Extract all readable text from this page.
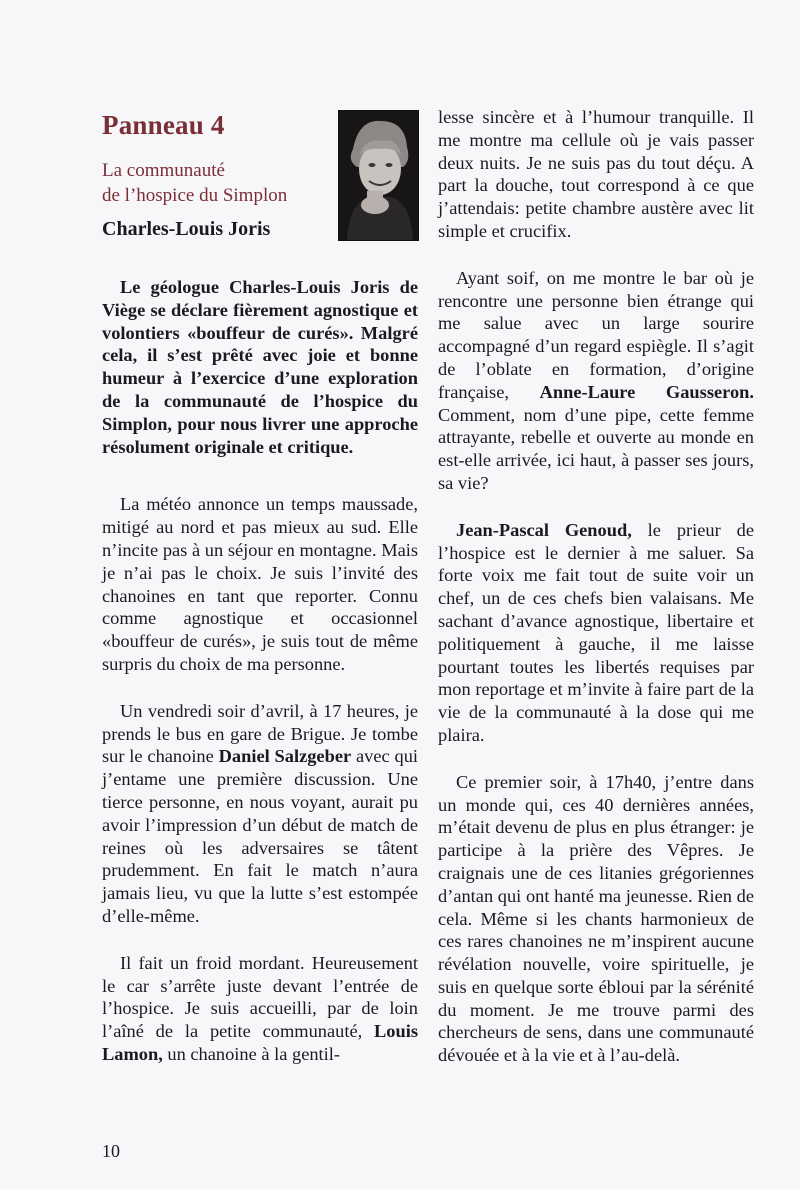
Panneau 4
La communauté
de l’hospice du Simplon
Charles-Louis Joris

Le géologue Charles-Louis Joris de Viège se déclare fièrement agnostique et volontiers «bouffeur de curés». Malgré cela, il s’est prêté avec joie et bonne humeur à l’exercice d’une exploration de la communauté de l’hospice du Simplon, pour nous livrer une approche résolument originale et critique.

La météo annonce un temps maussade, mitigé au nord et pas mieux au sud. Elle n’incite pas à un séjour en montagne. Mais je n’ai pas le choix. Je suis l’invité des chanoines en tant que reporter. Connu comme agnostique et occasionnel «bouffeur de curés», je suis tout de même surpris du choix de ma personne.

Un vendredi soir d’avril, à 17 heures, je prends le bus en gare de Brigue. Je tombe sur le chanoine Daniel Salzgeber avec qui j’entame une première discussion. Une tierce personne, en nous voyant, aurait pu avoir l’impression d’un début de match de reines où les adversaires se tâtent prudemment. En fait le match n’aura jamais lieu, vu que la lutte s’est estompée d’elle-même.

Il fait un froid mordant. Heureusement le car s’arrête juste devant l’entrée de l’hospice. Je suis accueilli, par de loin l’aîné de la petite communauté, Louis Lamon, un chanoine à la gentil-

lesse sincère et à l’humour tranquille. Il me montre ma cellule où je vais passer deux nuits. Je ne suis pas du tout déçu. A part la douche, tout correspond à ce que j’attendais: petite chambre austère avec lit simple et crucifix.

Ayant soif, on me montre le bar où je rencontre une personne bien étrange qui me salue avec un large sourire accompagné d’un regard espiègle. Il s’agit de l’oblate en formation, d’origine française, Anne-Laure Gausseron. Comment, nom d’une pipe, cette femme attrayante, rebelle et ouverte au monde en est-elle arrivée, ici haut, à passer ses jours, sa vie?

Jean-Pascal Genoud, le prieur de l’hospice est le dernier à me saluer. Sa forte voix me fait tout de suite voir un chef, un de ces chefs bien valaisans. Me sachant d’avance agnostique, libertaire et politiquement à gauche, il me laisse pourtant toutes les libertés requises par mon reportage et m’invite à faire part de la vie de la communauté à la dose qui me plaira.

Ce premier soir, à 17h40, j’entre dans un monde qui, ces 40 dernières années, m’était devenu de plus en plus étranger: je participe à la prière des Vêpres. Je craignais une de ces litanies grégoriennes d’antan qui ont hanté ma jeunesse. Rien de cela. Même si les chants harmonieux de ces rares chanoines ne m’inspirent aucune révélation nouvelle, voire spirituelle, je suis en quelque sorte ébloui par la sérénité du moment. Je me trouve parmi des chercheurs de sens, dans une communauté dévouée et à la vie et à l’au-delà.

10
